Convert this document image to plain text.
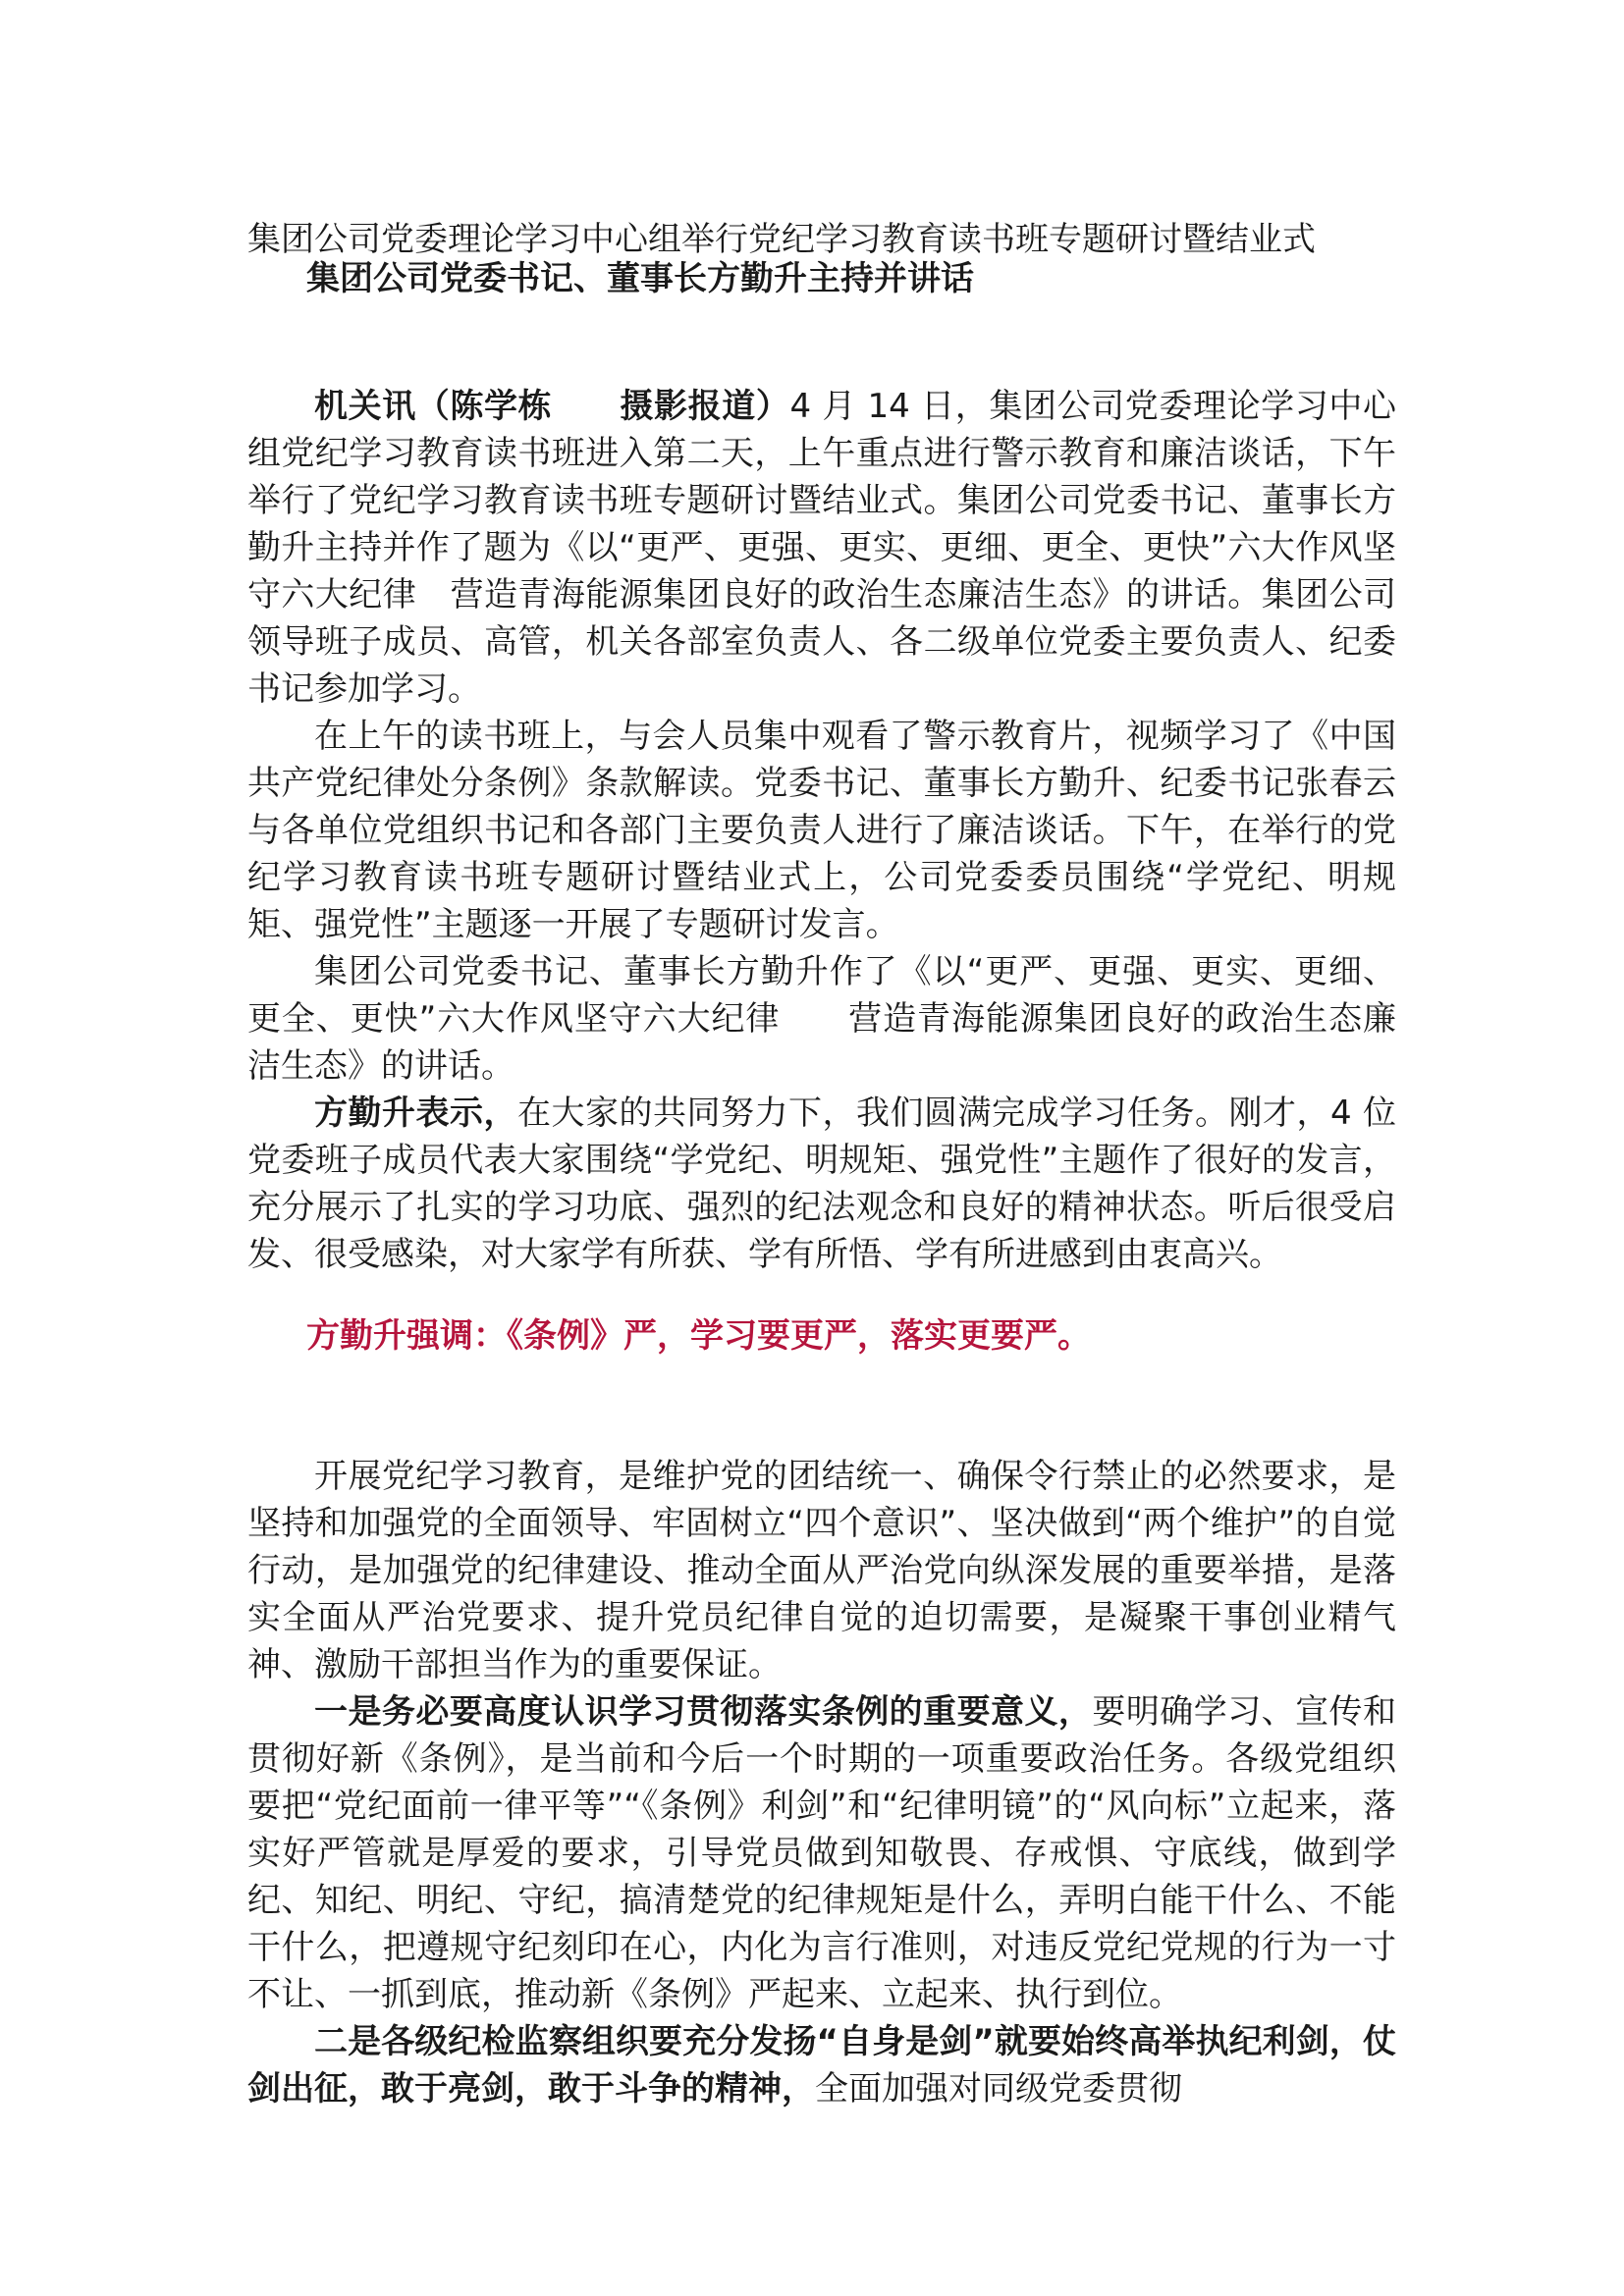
集团公司党委理论学习中心组举行党纪学习教育读书班专题研讨暨结业式
集团公司党委书记、董事长方勤升主持并讲话

机关讯（陈学栋　　摄影报道）4 月 14 日，集团公司党委理论学习中心组党纪学习教育读书班进入第二天，上午重点进行警示教育和廉洁谈话，下午举行了党纪学习教育读书班专题研讨暨结业式。集团公司党委书记、董事长方勤升主持并作了题为《以“更严、更强、更实、更细、更全、更快”六大作风坚守六大纪律　营造青海能源集团良好的政治生态廉洁生态》的讲话。集团公司领导班子成员、高管，机关各部室负责人、各二级单位党委主要负责人、纪委书记参加学习。

在上午的读书班上，与会人员集中观看了警示教育片，视频学习了《中国共产党纪律处分条例》条款解读。党委书记、董事长方勤升、纪委书记张春云与各单位党组织书记和各部门主要负责人进行了廉洁谈话。下午，在举行的党纪学习教育读书班专题研讨暨结业式上，公司党委委员围绕“学党纪、明规矩、强党性”主题逐一开展了专题研讨发言。

集团公司党委书记、董事长方勤升作了《以“更严、更强、更实、更细、更全、更快”六大作风坚守六大纪律　　营造青海能源集团良好的政治生态廉洁生态》的讲话。

方勤升表示，在大家的共同努力下，我们圆满完成学习任务。刚才，4 位党委班子成员代表大家围绕“学党纪、明规矩、强党性”主题作了很好的发言，充分展示了扎实的学习功底、强烈的纪法观念和良好的精神状态。听后很受启发、很受感染，对大家学有所获、学有所悟、学有所进感到由衷高兴。

方勤升强调：《条例》严，学习要更严，落实更要严。

开展党纪学习教育，是维护党的团结统一、确保令行禁止的必然要求，是坚持和加强党的全面领导、牢固树立“四个意识”、坚决做到“两个维护”的自觉行动，是加强党的纪律建设、推动全面从严治党向纵深发展的重要举措，是落实全面从严治党要求、提升党员纪律自觉的迫切需要，是凝聚干事创业精气神、激励干部担当作为的重要保证。

一是务必要高度认识学习贯彻落实条例的重要意义，要明确学习、宣传和贯彻好新《条例》，是当前和今后一个时期的一项重要政治任务。各级党组织要把“党纪面前一律平等”“《条例》利剑”和“纪律明镜”的“风向标”立起来，落实好严管就是厚爱的要求，引导党员做到知敬畏、存戒惧、守底线，做到学纪、知纪、明纪、守纪，搞清楚党的纪律规矩是什么，弄明白能干什么、不能干什么，把遵规守纪刻印在心，内化为言行准则，对违反党纪党规的行为一寸不让、一抓到底，推动新《条例》严起来、立起来、执行到位。

二是各级纪检监察组织要充分发扬“自身是剑”就要始终高举执纪利剑，仗剑出征，敢于亮剑，敢于斗争的精神，全面加强对同级党委贯彻
